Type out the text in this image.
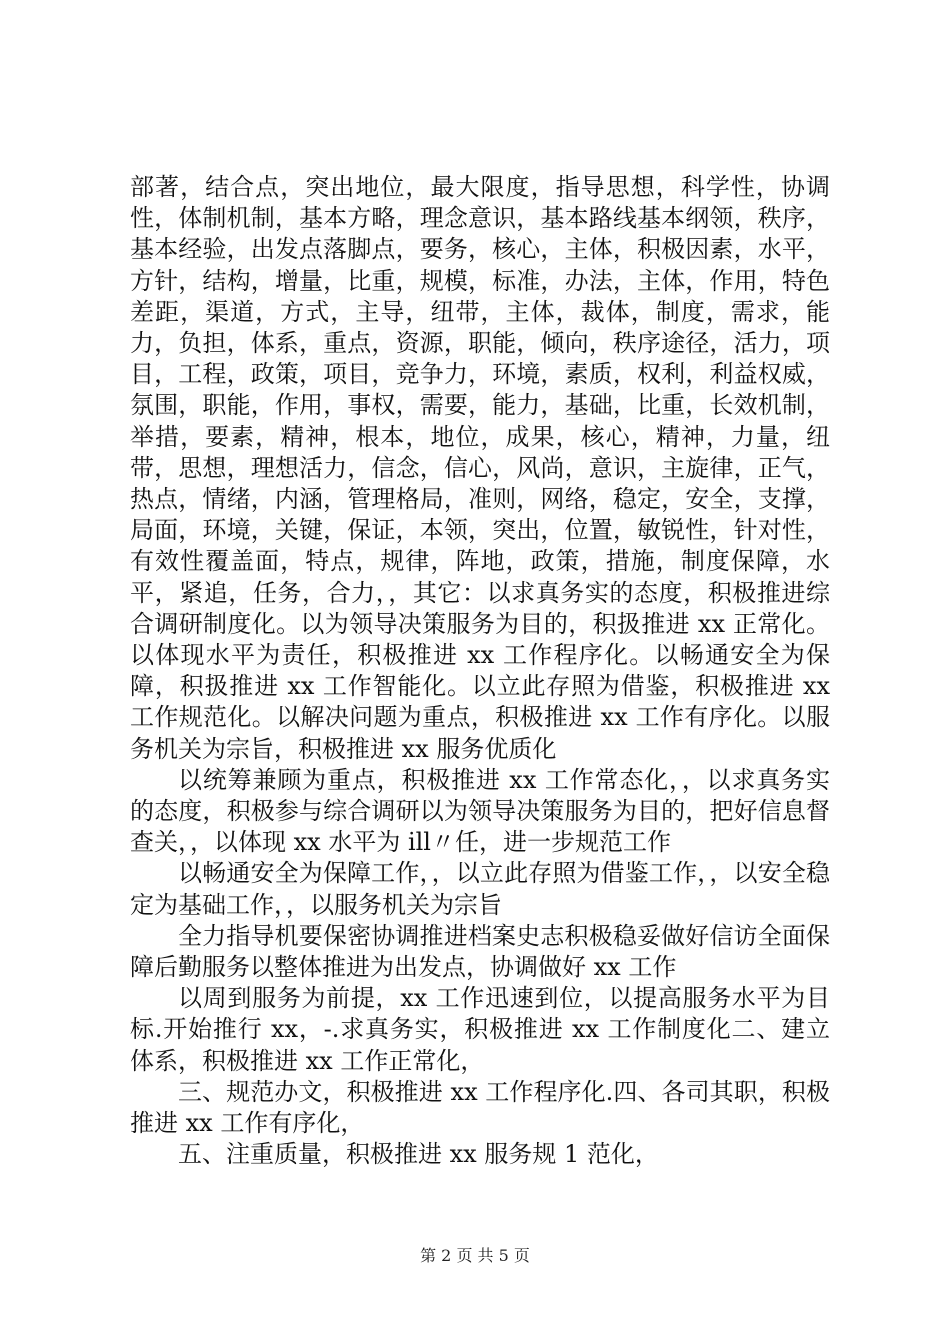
部著，结合点，突出地位，最大限度，指导思想，科学性，协调性，体制机制，基本方略，理念意识，基本路线基本纲领，秩序，基本经验，出发点落脚点，要务，核心，主体，积极因素，水平，方针，结构，增量，比重，规模，标准，办法，主体，作用，特色差距，渠道，方式，主导，纽带，主体，裁体，制度，需求，能力，负担，体系，重点，资源，职能，倾向，秩序途径，活力，项目，工程，政策，项目，竞争力，环境，素质，权利，利益权威，氛围，职能，作用，事权，需要，能力，基础，比重，长效机制，举措，要素，精神，根本，地位，成果，核心，精神，力量，纽带，思想，理想活力，信念，信心，风尚，意识，主旋律，正气，热点，情绪，内涵，管理格局，准则，网络，稳定，安全，支撑，局面，环境，关键，保证，本领，突出，位置，敏锐性，针对性，有效性覆盖面，特点，规律，阵地，政策，措施，制度保障，水平，紧追，任务，合力，，其它：以求真务实的态度，积极推进综合调研制度化。以为领导决策服务为目的，积扱推进 xx 正常化。以体现水平为责任，积极推进 xx 工作程序化。以畅通安全为保障，积扱推进 xx 工作智能化。以立此存照为借鉴，积极推进 xx 工作规范化。以解决问题为重点，积极推进 xx 工作有序化。以服务机关为宗旨，积极推进 xx 服务优质化

以统筹兼顾为重点，积极推进 xx 工作常态化，，以求真务实的态度，积极参与综合调研以为领导决策服务为目的，把好信息督查关，，以体现 xx 水平为 ill〃任，进一步规范工作

以畅通安全为保障工作，，以立此存照为借鉴工作，，以安全稳定为基础工作，，以服务机关为宗旨

全力指导机要保密协调推进档案史志积极稳妥做好信访全面保障后勤服务以整体推进为出发点，协调做好 xx 工作

以周到服务为前提，xx 工作迅速到位，以提高服务水平为目标.开始推行 xx，-.求真务实，积极推进 xx 工作制度化二、建立体系，积极推进 xx 工作正常化，

三、规范办文，积极推进 xx 工作程序化.四、各司其职，积极推进 xx 工作有序化，

五、注重质量，积极推进 xx 服务规 1 范化，

第 2 页 共 5 页
